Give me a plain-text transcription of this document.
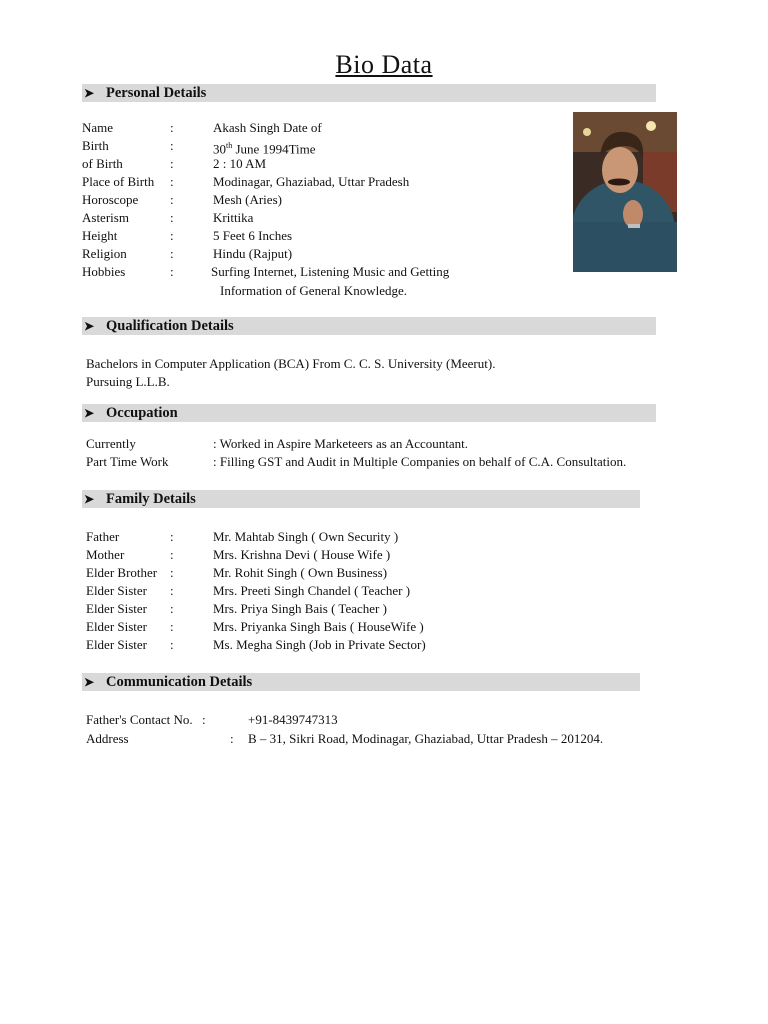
Bio Data
➤ Personal Details
Name	:	Akash Singh Date of
Birth	:	30th June 1994Time
of Birth	:	2 : 10 AM
Place of Birth :	Modinagar, Ghaziabad, Uttar Pradesh
Horoscope :	Mesh (Aries)
Asterism	:	Krittika
Height	:	5 Feet 6 Inches
Religion	:	Hindu (Rajput)
Hobbies	:	Surfing Internet, Listening Music and Getting
Information of General Knowledge.
➤ Qualification Details
Bachelors in Computer Application (BCA) From C. C. S. University (Meerut).
Pursuing L.L.B.
➤ Occupation
Currently	: Worked in Aspire Marketeers as an Accountant.
Part Time Work	: Filling GST and Audit in Multiple Companies on behalf of C.A. Consultation.
➤ Family Details
Father	:	Mr. Mahtab Singh ( Own Security )
Mother	:	Mrs. Krishna Devi ( House Wife )
Elder Brother :	Mr. Rohit Singh ( Own Business)
Elder Sister :	Mrs. Preeti Singh Chandel ( Teacher )
Elder Sister :	Mrs. Priya Singh Bais ( Teacher )
Elder Sister :	Mrs. Priyanka Singh Bais ( HouseWife )
Elder Sister :	Ms. Megha Singh (Job in Private Sector)
➤ Communication Details
Father's Contact No. :	+91-8439747313
Address	: B – 31, Sikri Road, Modinagar, Ghaziabad, Uttar Pradesh – 201204.
